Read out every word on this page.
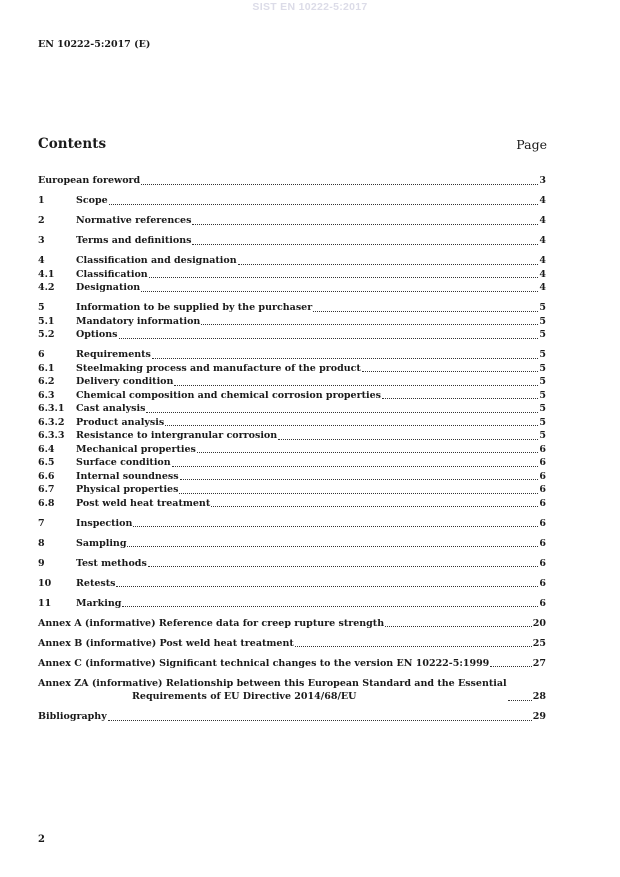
SIST EN 10222-5:2017
EN 10222-5:2017 (E)
Contents	Page
European foreword	3
1	Scope	4
2	Normative references	4
3	Terms and definitions	4
4	Classification and designation	4
4.1	Classification	4
4.2	Designation	4
5	Information to be supplied by the purchaser	5
5.1	Mandatory information	5
5.2	Options	5
6	Requirements	5
6.1	Steelmaking process and manufacture of the product	5
6.2	Delivery condition	5
6.3	Chemical composition and chemical corrosion properties	5
6.3.1	Cast analysis	5
6.3.2	Product analysis	5
6.3.3	Resistance to intergranular corrosion	5
6.4	Mechanical properties	6
6.5	Surface condition	6
6.6	Internal soundness	6
6.7	Physical properties	6
6.8	Post weld heat treatment	6
7	Inspection	6
8	Sampling	6
9	Test methods	6
10	Retests	6
11	Marking	6
Annex A (informative) Reference data for creep rupture strength	20
Annex B (informative) Post weld heat treatment	25
Annex C (informative) Significant technical changes to the version EN 10222-5:1999	27
Annex ZA (informative) Relationship between this European Standard and the Essential
Requirements of EU Directive 2014/68/EU	28
Bibliography	29
2
